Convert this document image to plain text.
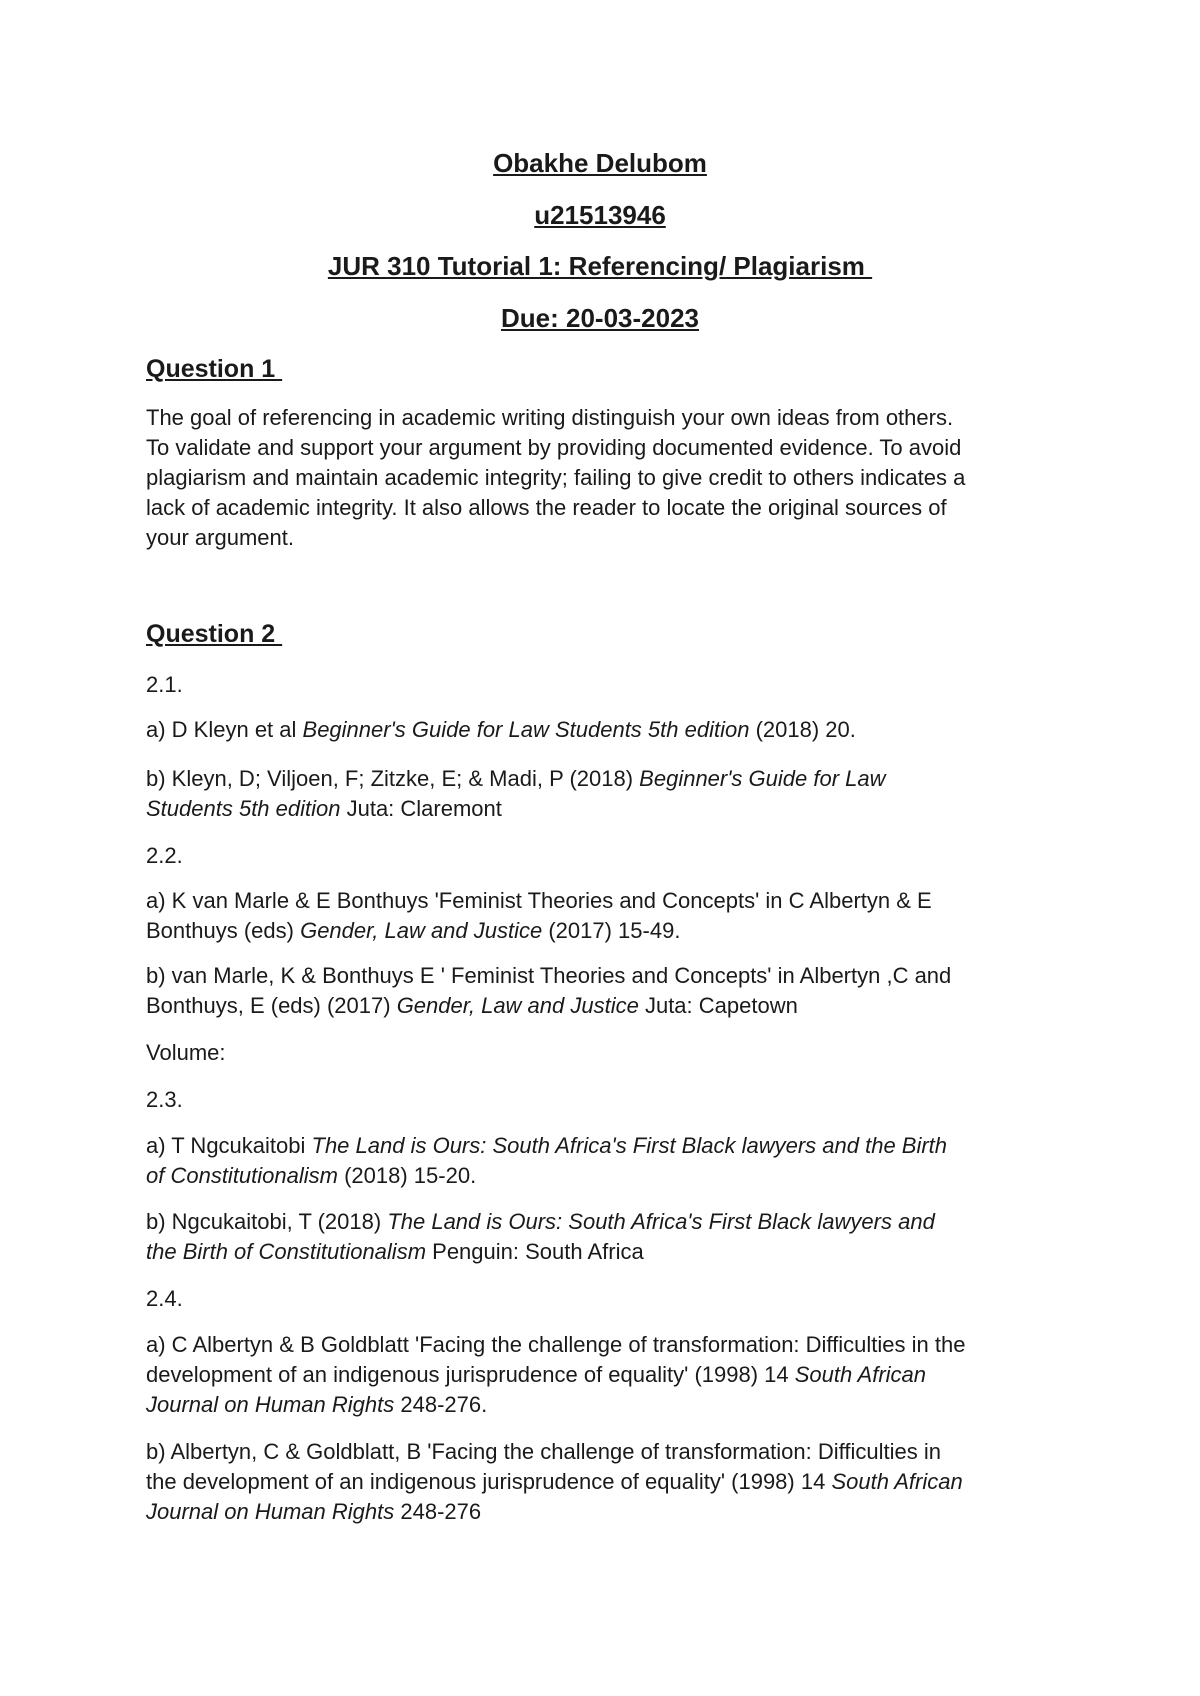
Obakhe Delubom
u21513946
JUR 310 Tutorial 1: Referencing/ Plagiarism
Due: 20-03-2023
Question 1
The goal of referencing in academic writing distinguish your own ideas from others.
To validate and support your argument by providing documented evidence. To avoid
plagiarism and maintain academic integrity; failing to give credit to others indicates a
lack of academic integrity. It also allows the reader to locate the original sources of
your argument.
Question 2
2.1.
a) D Kleyn et al Beginner's Guide for Law Students 5th edition (2018) 20.
b) Kleyn, D; Viljoen, F; Zitzke, E; & Madi, P (2018) Beginner's Guide for Law
Students 5th edition Juta: Claremont
2.2.
a) K van Marle & E Bonthuys 'Feminist Theories and Concepts' in C Albertyn & E
Bonthuys (eds) Gender, Law and Justice (2017) 15-49.
b) van Marle, K & Bonthuys E ' Feminist Theories and Concepts' in Albertyn ,C and
Bonthuys, E (eds) (2017) Gender, Law and Justice Juta: Capetown
Volume:
2.3.
a) T Ngcukaitobi The Land is Ours: South Africa's First Black lawyers and the Birth
of Constitutionalism (2018) 15-20.
b) Ngcukaitobi, T (2018) The Land is Ours: South Africa's First Black lawyers and
the Birth of Constitutionalism Penguin: South Africa
2.4.
a) C Albertyn & B Goldblatt 'Facing the challenge of transformation: Difficulties in the
development of an indigenous jurisprudence of equality' (1998) 14 South African
Journal on Human Rights 248-276.
b) Albertyn, C & Goldblatt, B 'Facing the challenge of transformation: Difficulties in
the development of an indigenous jurisprudence of equality' (1998) 14 South African
Journal on Human Rights 248-276
